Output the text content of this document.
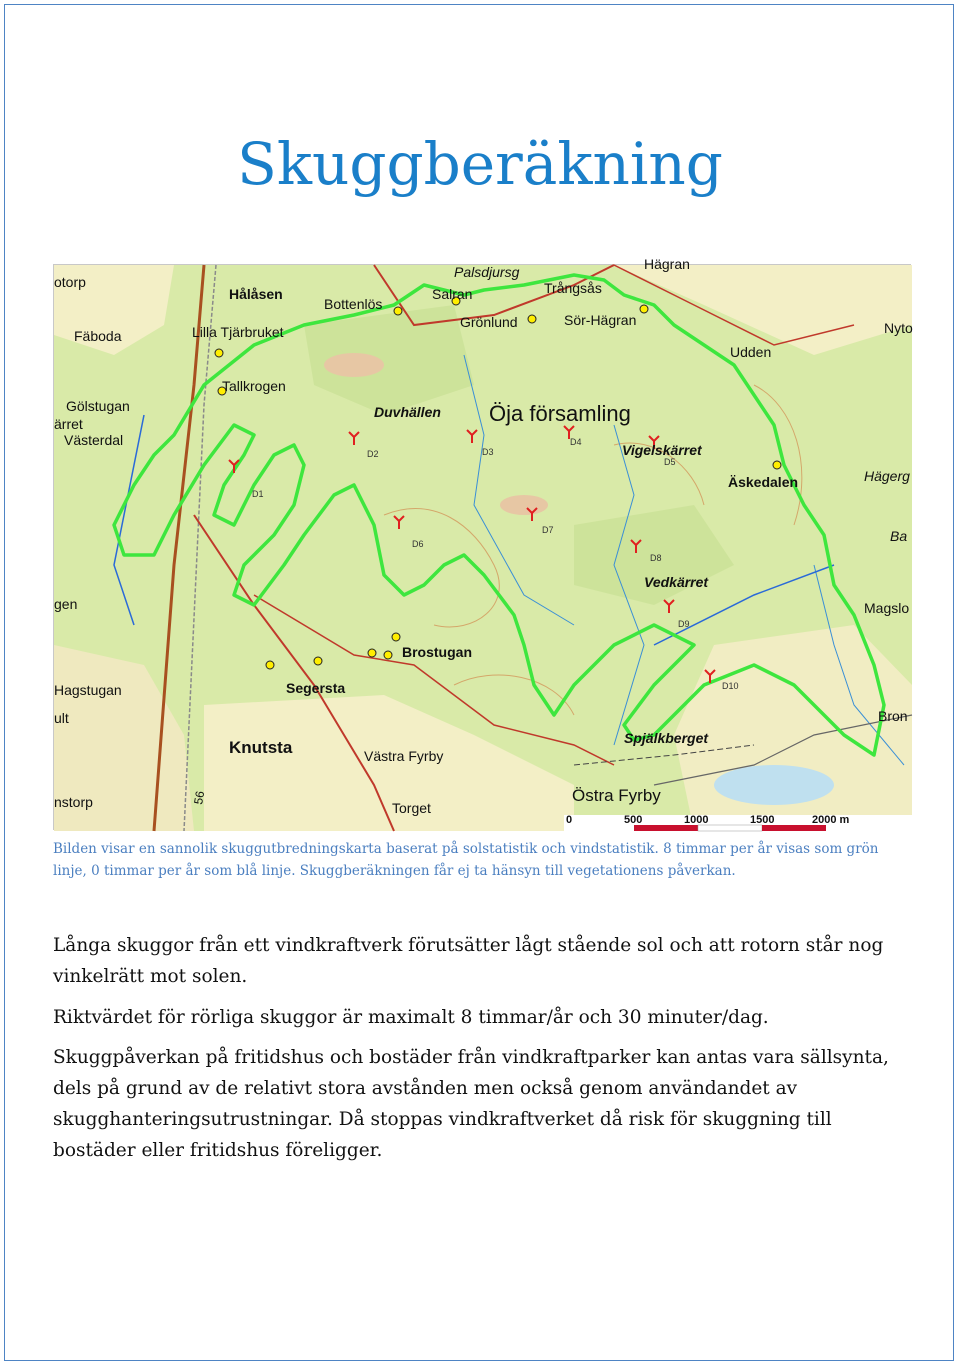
Skuggberäkning
otorp
Hålåsen
Bottenlös
Salran
Palsdjursg
Trångsås
Grönlund	Sör-Hägran
Hägran
Nyto
Udden
Lilla Tjärbruket
Fäboda
Tallkrogen
Gölstugan
ärret
Västerdal
Duvhällen Öja församling
Vigelskärret
Äskedalen	Hägerg
Ba
Vedkärret
Magslo
gen
Brostugan
Segersta
Hagstugan
ult
Knutsta	Västra Fyrby
Spjälkberget
Bron
Torget
Östra Fyrby
nstorp
D1
D2	D3
D4
D5
D6
D7
D8
D9
D10
56
0	500	1000	1500	2000 m

Bilden visar en sannolik skuggutbredningskarta baserat på solstatistik och vindstatistik. 8 timmar per år visas som grön linje, 0 timmar per år som blå linje. Skuggberäkningen får ej ta hänsyn till vegetationens påverkan.

Långa skuggor från ett vindkraftverk förutsätter lågt stående sol och att rotorn står nog vinkelrätt mot solen.

Riktvärdet för rörliga skuggor är maximalt 8 timmar/år och 30 minuter/dag.

Skuggpåverkan på fritidshus och bostäder från vindkraftparker kan antas vara sällsynta, dels på grund av de relativt stora avstånden men också genom användandet av skugghanteringsutrustningar. Då stoppas vindkraftverket då risk för skuggning till bostäder eller fritidshus föreligger.
